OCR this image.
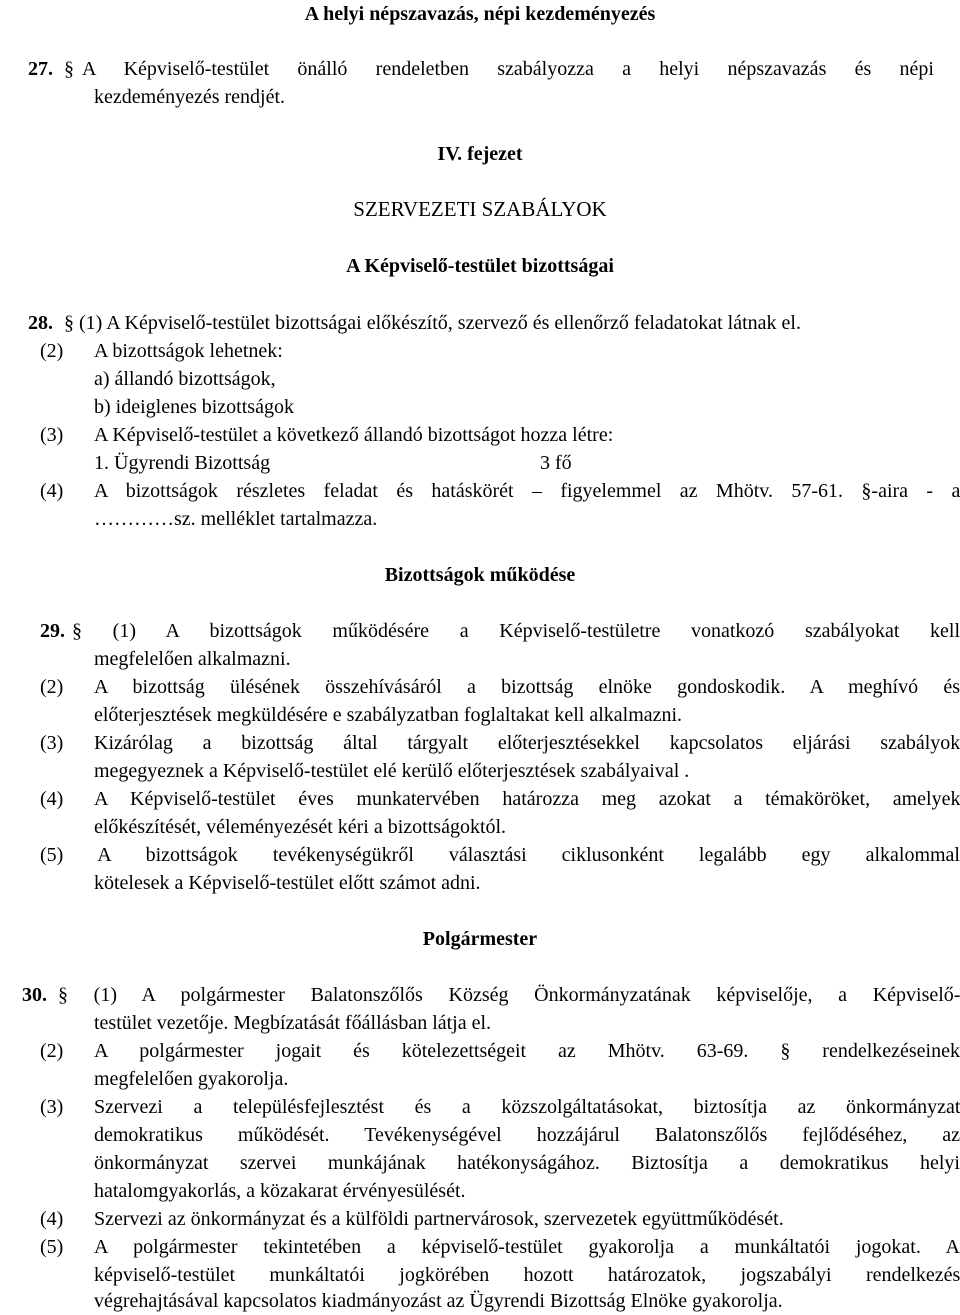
A helyi népszavazás, népi kezdeményezés
27. § A Képviselő-testület önálló rendeletben szabályozza a helyi népszavazás és népi
kezdeményezés rendjét.
IV. fejezet
SZERVEZETI SZABÁLYOK
A Képviselő-testület bizottságai
28. § (1) A Képviselő-testület bizottságai előkészítő, szervező és ellenőrző feladatokat látnak el.
(2) A bizottságok lehetnek:
a) állandó bizottságok,
b) ideiglenes bizottságok
(3) A Képviselő-testület a következő állandó bizottságot hozza létre:
1. Ügyrendi Bizottság	3 fő
(4) A bizottságok részletes feladat és hatáskörét – figyelemmel az Mhötv. 57-61. §-aira - a
…………sz. melléklet tartalmazza.
Bizottságok működése
29. § (1) A bizottságok működésére a Képviselő-testületre vonatkozó szabályokat kell
megfelelően alkalmazni.
(2) A bizottság ülésének összehívásáról a bizottság elnöke gondoskodik. A meghívó és
előterjesztések megküldésére e szabályzatban foglaltakat kell alkalmazni.
(3) Kizárólag a bizottság által tárgyalt előterjesztésekkel kapcsolatos eljárási szabályok
megegyeznek a Képviselő-testület elé kerülő előterjesztések szabályaival .
(4) A Képviselő-testület éves munkatervében határozza meg azokat a témaköröket, amelyek
előkészítését, véleményezését kéri a bizottságoktól.
(5) A bizottságok tevékenységükről választási ciklusonként legalább egy alkalommal
kötelesek a Képviselő-testület előtt számot adni.
Polgármester
30. § (1) A polgármester Balatonszőlős Község Önkormányzatának képviselője, a Képviselő-
testület vezetője. Megbízatását főállásban látja el.
(2) A polgármester jogait és kötelezettségeit az Mhötv. 63-69. § rendelkezéseinek
megfelelően gyakorolja.
(3) Szervezi a településfejlesztést és a közszolgáltatásokat, biztosítja az önkormányzat
demokratikus működését. Tevékenységével hozzájárul Balatonszőlős fejlődéséhez, az
önkormányzat szervei munkájának hatékonyságához. Biztosítja a demokratikus helyi
hatalomgyakorlás, a közakarat érvényesülését.
(4) Szervezi az önkormányzat és a külföldi partnervárosok, szervezetek együttműködését.
(5) A polgármester tekintetében a képviselő-testület gyakorolja a munkáltatói jogokat. A
képviselő-testület munkáltatói jogkörében hozott határozatok, jogszabályi rendelkezés
végrehajtásával kapcsolatos kiadmányozást az Ügyrendi Bizottság Elnöke gyakorolja.
